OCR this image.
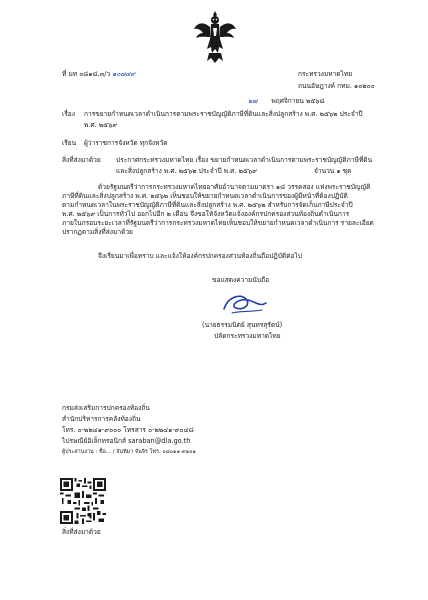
ที่ มท ๐๘๑๘.๓/ว ๑๐๗๔๙	กระทรวงมหาดไทย
ถนนอัษฎางค์ กทม. ๑๐๒๐๐
๒๗ พฤศจิกายน ๒๕๖๘
เรื่อง การขยายกำหนดเวลาดำเนินการตามพระราชบัญญัติภาษีที่ดินและสิ่งปลูกสร้าง พ.ศ. ๒๕๖๒ ประจำปี
พ.ศ. ๒๕๖๙
เรียน ผู้ว่าราชการจังหวัด ทุกจังหวัด
สิ่งที่ส่งมาด้วย ประกาศกระทรวงมหาดไทย เรื่อง ขยายกำหนดเวลาดำเนินการตามพระราชบัญญัติภาษีที่ดิน
และสิ่งปลูกสร้าง พ.ศ. ๒๕๖๒ ประจำปี พ.ศ. ๒๕๖๙	จำนวน ๑ ชุด
ด้วยรัฐมนตรีว่าการกระทรวงมหาดไทยอาศัยอำนาจตามมาตรา ๑๘ วรรคสอง แห่งพระราชบัญญัติ
ภาษีที่ดินและสิ่งปลูกสร้าง พ.ศ. ๒๕๖๒ เห็นชอบให้ขยายกำหนดเวลาดำเนินการของผู้มีหน้าที่ต้องปฏิบัติ
ตามกำหนดเวลาในพระราชบัญญัติภาษีที่ดินและสิ่งปลูกสร้าง พ.ศ. ๒๕๖๒ สำหรับการจัดเก็บภาษีประจำปี
พ.ศ. ๒๕๖๙ เป็นการทั่วไป ออกไปอีก ๒ เดือน จึงขอให้จังหวัดแจ้งองค์กรปกครองส่วนท้องถิ่นดำเนินการ
ภายในกรอบระยะเวลาที่รัฐมนตรีว่าการกระทรวงมหาดไทยเห็นชอบให้ขยายกำหนดเวลาดำเนินการ รายละเอียด
ปรากฏตามสิ่งที่ส่งมาด้วย
จึงเรียนมาเพื่อทราบ และแจ้งให้องค์กรปกครองส่วนท้องถิ่นถือปฏิบัติต่อไป
ขอแสดงความนับถือ
(นายธรรมนิตย์ สุนทรสุรัตน์)
ปลัดกระทรวงมหาดไทย
กรมส่งเสริมการปกครองท้องถิ่น
สำนักบริหารการคลังท้องถิ่น
โทร. ๐-๒๒๔๑-๙๐๐๐ โทรสาร ๐-๒๒๔๑-๙๐๔๘
ไปรษณีย์อิเล็กทรอนิกส์ saraban@dla.go.th
ผู้ประสานงาน : ชื่อ... / จันทิมา จันจิร โทร. ๐๘๐๑๑-๙๑๐๑
สิ่งที่ส่งมาด้วย
